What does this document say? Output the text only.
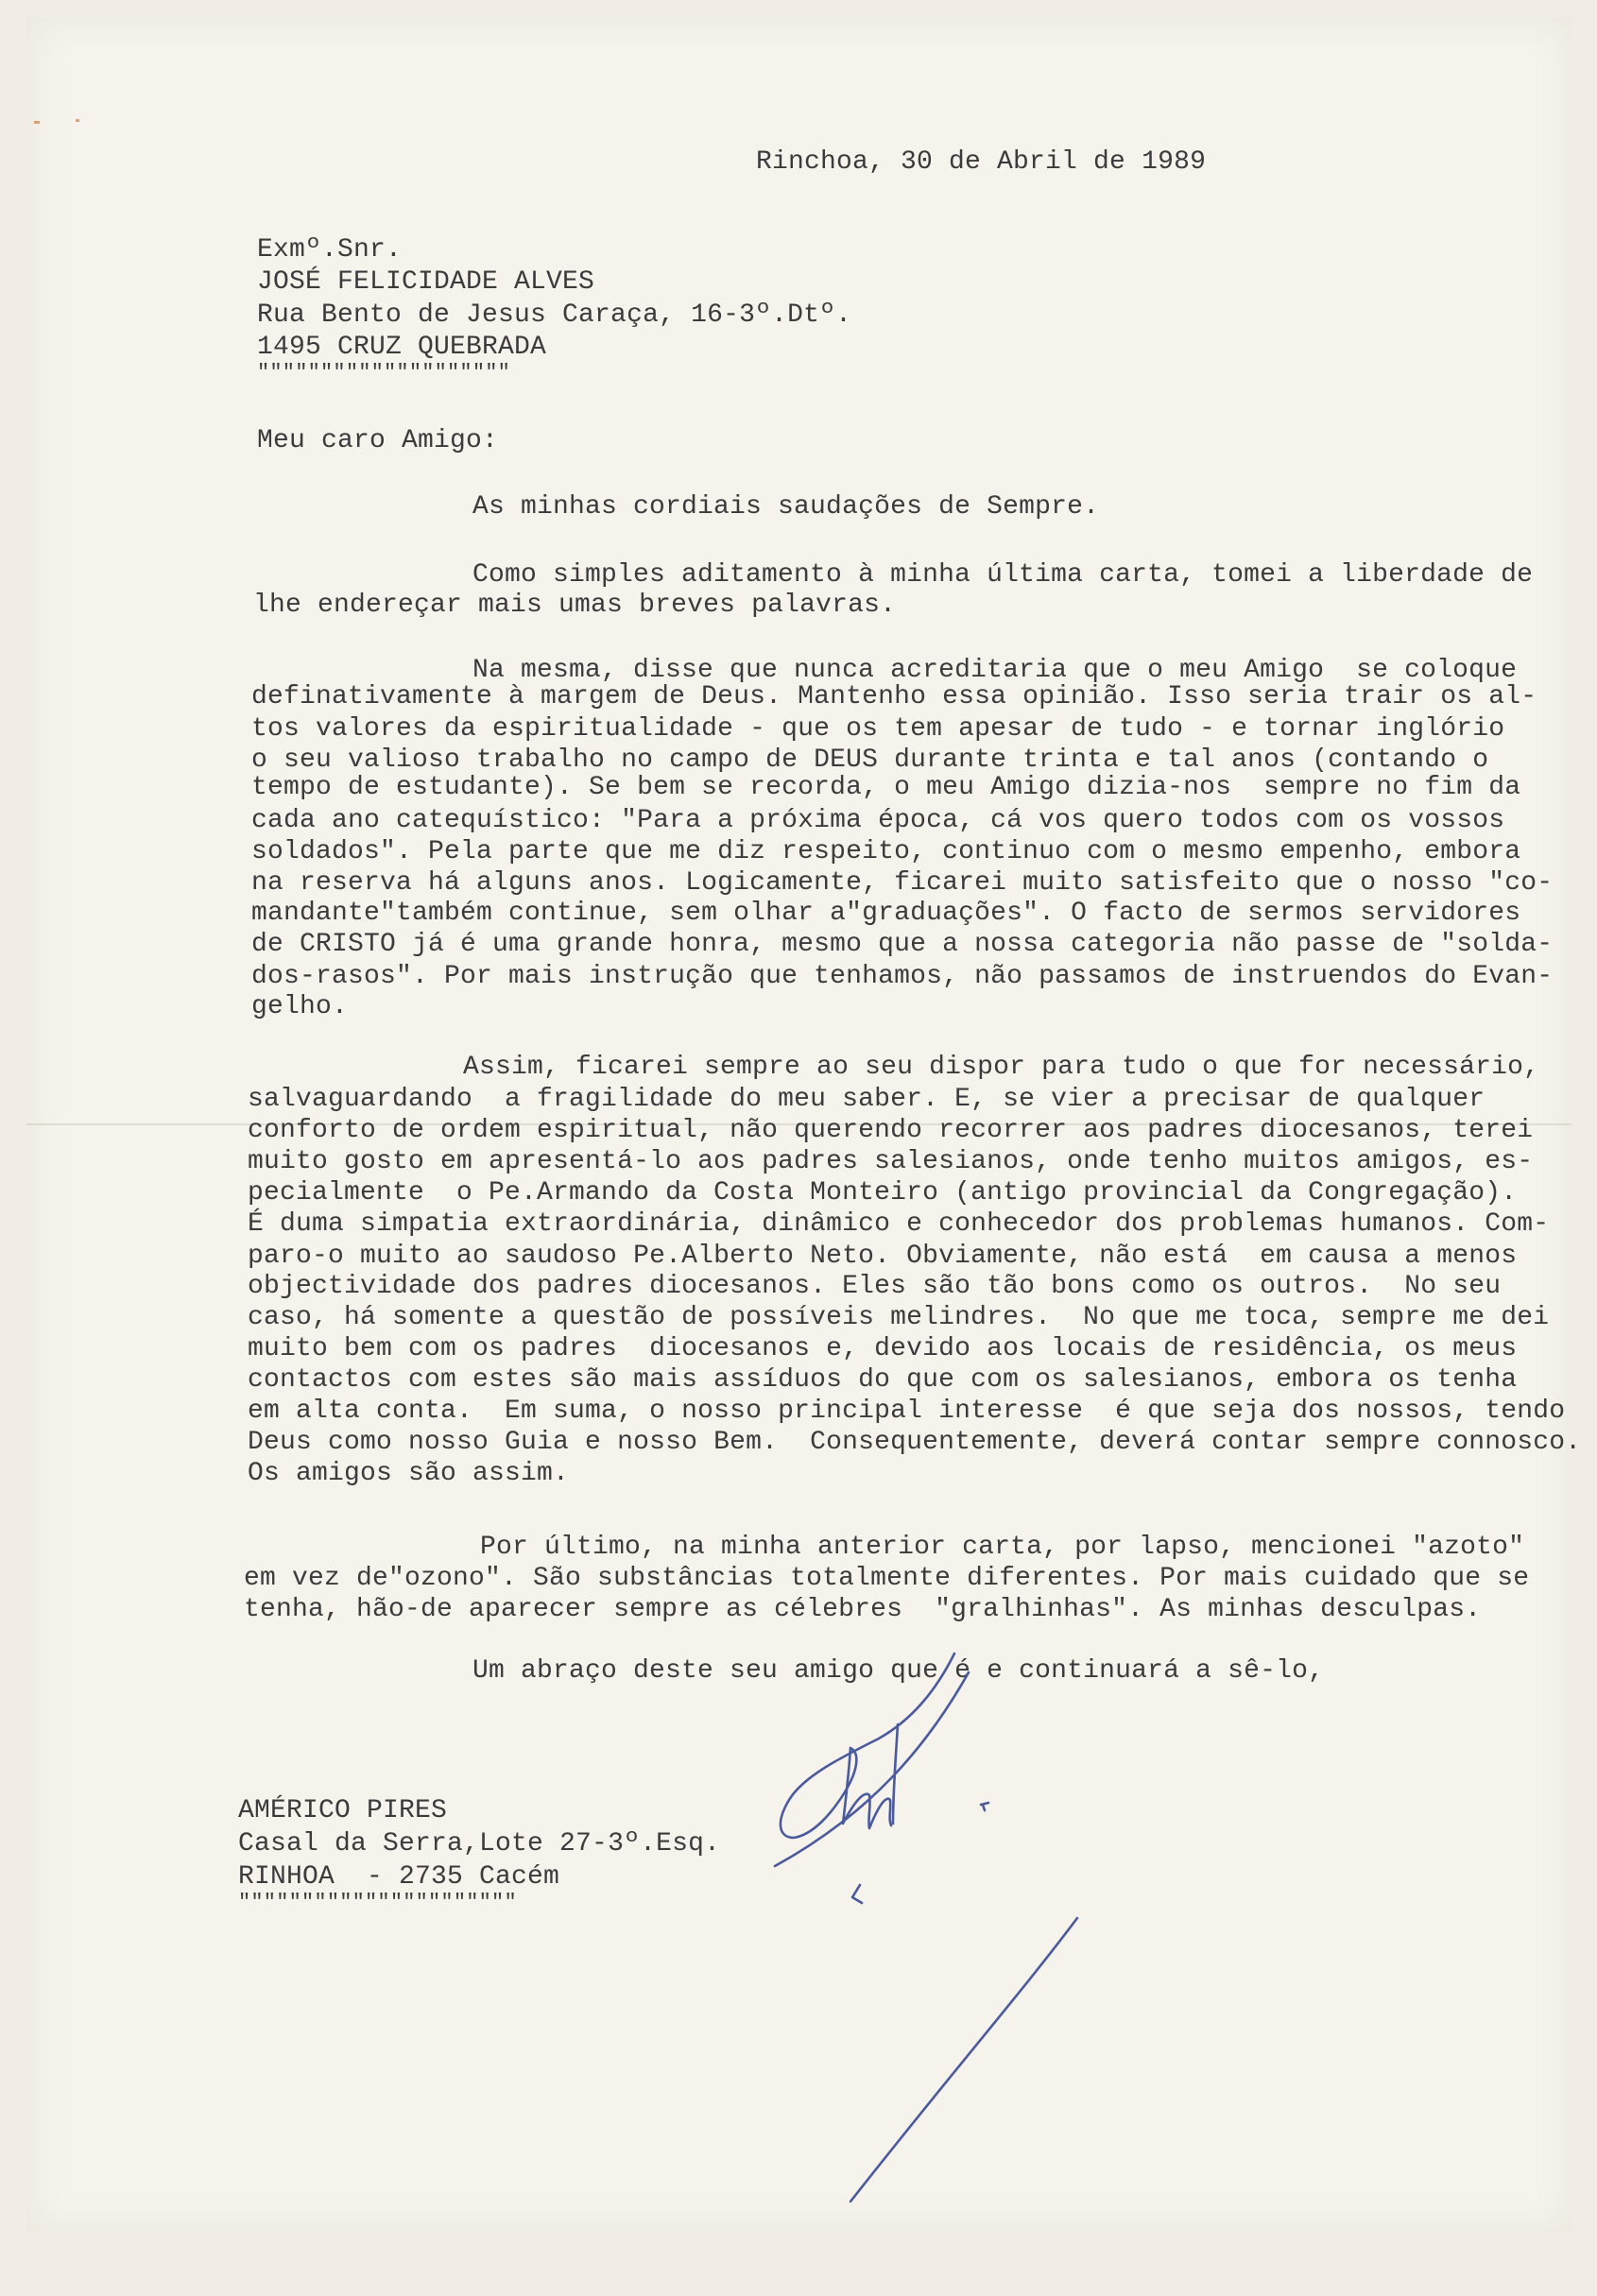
Rinchoa, 30 de Abril de 1989
Exmº.Snr.
JOSÉ FELICIDADE ALVES
Rua Bento de Jesus Caraça, 16-3º.Dtº.
1495 CRUZ QUEBRADA
""""""""""""""""""""
Meu caro Amigo:
As minhas cordiais saudações de Sempre.
Como simples aditamento à minha última carta, tomei a liberdade de
lhe endereçar mais umas breves palavras.
Na mesma, disse que nunca acreditaria que o meu Amigo  se coloque
definativamente à margem de Deus. Mantenho essa opinião. Isso seria trair os al-
tos valores da espiritualidade - que os tem apesar de tudo - e tornar inglório
o seu valioso trabalho no campo de DEUS durante trinta e tal anos (contando o
tempo de estudante). Se bem se recorda, o meu Amigo dizia-nos  sempre no fim da
cada ano catequístico: "Para a próxima época, cá vos quero todos com os vossos
soldados". Pela parte que me diz respeito, continuo com o mesmo empenho, embora
na reserva há alguns anos. Logicamente, ficarei muito satisfeito que o nosso "co-
mandante"também continue, sem olhar a"graduações". O facto de sermos servidores
de CRISTO já é uma grande honra, mesmo que a nossa categoria não passe de "solda-
dos-rasos". Por mais instrução que tenhamos, não passamos de instruendos do Evan-
gelho.
Assim, ficarei sempre ao seu dispor para tudo o que for necessário,
salvaguardando  a fragilidade do meu saber. E, se vier a precisar de qualquer
conforto de ordem espiritual, não querendo recorrer aos padres diocesanos, terei
muito gosto em apresentá-lo aos padres salesianos, onde tenho muitos amigos, es-
pecialmente  o Pe.Armando da Costa Monteiro (antigo provincial da Congregação).
É duma simpatia extraordinária, dinâmico e conhecedor dos problemas humanos. Com-
paro-o muito ao saudoso Pe.Alberto Neto. Obviamente, não está  em causa a menos
objectividade dos padres diocesanos. Eles são tão bons como os outros.  No seu
caso, há somente a questão de possíveis melindres.  No que me toca, sempre me dei
muito bem com os padres  diocesanos e, devido aos locais de residência, os meus
contactos com estes são mais assíduos do que com os salesianos, embora os tenha
em alta conta.  Em suma, o nosso principal interesse  é que seja dos nossos, tendo
Deus como nosso Guia e nosso Bem.  Consequentemente, deverá contar sempre connosco.
Os amigos são assim.
Por último, na minha anterior carta, por lapso, mencionei "azoto"
em vez de"ozono". São substâncias totalmente diferentes. Por mais cuidado que se
tenha, hão-de aparecer sempre as célebres  "gralhinhas". As minhas desculpas.
Um abraço deste seu amigo que é e continuará a sê-lo,
AMÉRICO PIRES
Casal da Serra,Lote 27-3º.Esq.
RINHOA  - 2735 Cacém
""""""""""""""""""""""
